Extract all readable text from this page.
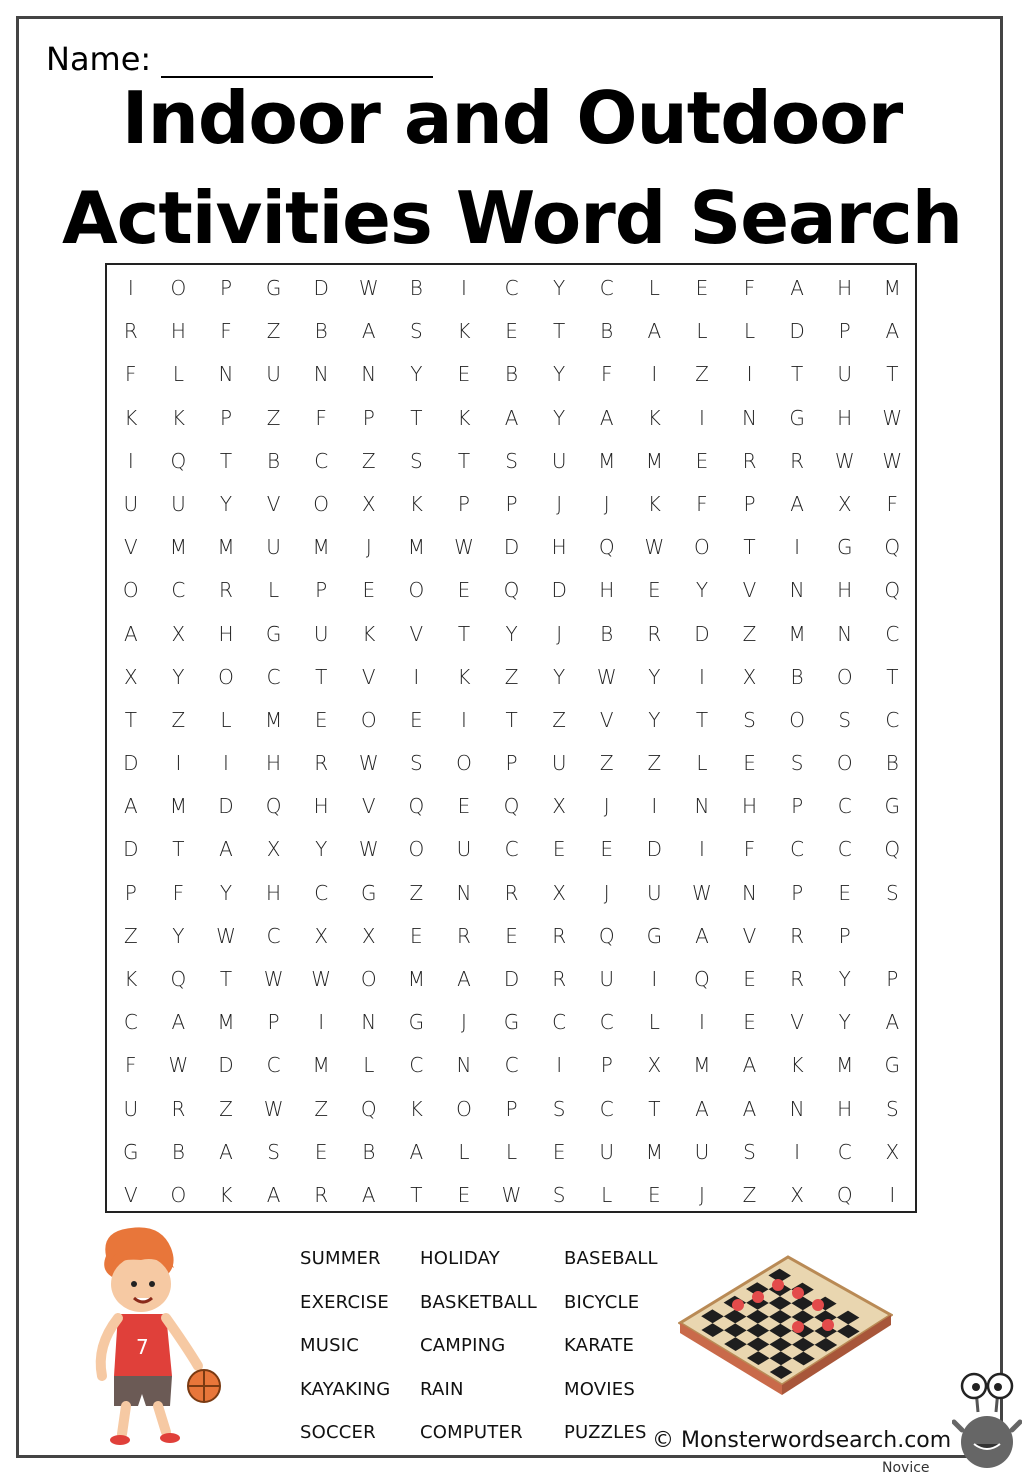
Name:
Indoor and Outdoor
Activities Word Search
I	O	P	G	D	W	B	I	C	Y	C	L	E	F	A	H	M
R	H	F	Z	B	A	S	K	E	T	B	A	L	L	D	P	A
F	L	N	U	N	N	Y	E	B	Y	F	I	Z	I	T	U	T
K	K	P	Z	F	P	T	K	A	Y	A	K	I	N	G	H	W
I	Q	T	B	C	Z	S	T	S	U	M	M	E	R	R	W	W
U	U	Y	V	O	X	K	P	P	J	J	K	F	P	A	X	F
V	M	M	U	M	J	M	W	D	H	Q	W	O	T	I	G	Q
O	C	R	L	P	E	O	E	Q	D	H	E	Y	V	N	H	Q
A	X	H	G	U	K	V	T	Y	J	B	R	D	Z	M	N	C
X	Y	O	C	T	V	I	K	Z	Y	W	Y	I	X	B	O	T
T	Z	L	M	E	O	E	I	T	Z	V	Y	T	S	O	S	C
D	I	I	H	R	W	S	O	P	U	Z	Z	L	E	S	O	B
A	M	D	Q	H	V	Q	E	Q	X	J	I	N	H	P	C	G
D	T	A	X	Y	W	O	U	C	E	E	D	I	F	C	C	Q
P	F	Y	H	C	G	Z	N	R	X	J	U	W	N	P	E	S
Z	Y	W	C	X	X	E	R	E	R	Q	G	A	V	R	P
K	Q	T	W	W	O	M	A	D	R	U	I	Q	E	R	Y	P
C	A	M	P	I	N	G	J	G	C	C	L	I	E	V	Y	A
F	W	D	C	M	L	C	N	C	I	P	X	M	A	K	M	G
U	R	Z	W	Z	Q	K	O	P	S	C	T	A	A	N	H	S
G	B	A	S	E	B	A	L	L	E	U	M	U	S	I	C	X
V	O	K	A	R	A	T	E	W	S	L	E	J	Z	X	Q	I
SUMMER
EXERCISE
MUSIC
KAYAKING
SOCCER
HOLIDAY
BASKETBALL
CAMPING
RAIN
COMPUTER
BASEBALL
BICYCLE
KARATE
MOVIES
PUZZLES
7
© Monsterwordsearch.com
Novice
